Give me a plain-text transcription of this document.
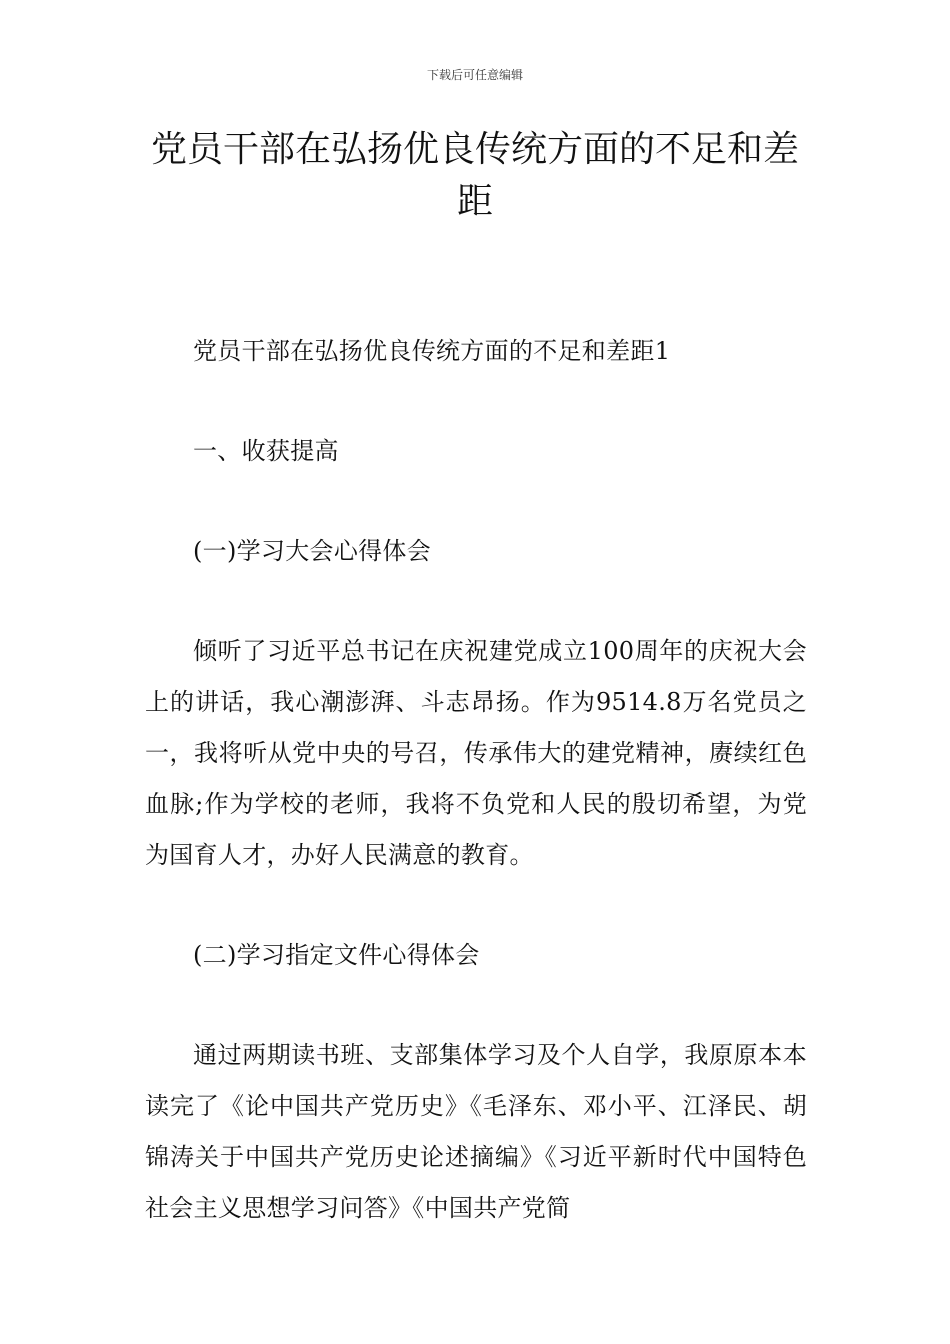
下载后可任意编辑
党员干部在弘扬优良传统方面的不足和差距

党员干部在弘扬优良传统方面的不足和差距1

一、收获提高

(一)学习大会心得体会

倾听了习近平总书记在庆祝建党成立100周年的庆祝大会上的讲话，我心潮澎湃、斗志昂扬。作为9514.8万名党员之一，我将听从党中央的号召，传承伟大的建党精神，赓续红色血脉;作为学校的老师，我将不负党和人民的殷切希望，为党为国育人才，办好人民满意的教育。

(二)学习指定文件心得体会

通过两期读书班、支部集体学习及个人自学，我原原本本读完了《论中国共产党历史》《毛泽东、邓小平、江泽民、胡锦涛关于中国共产党历史论述摘编》《习近平新时代中国特色社会主义思想学习问答》《中国共产党简
